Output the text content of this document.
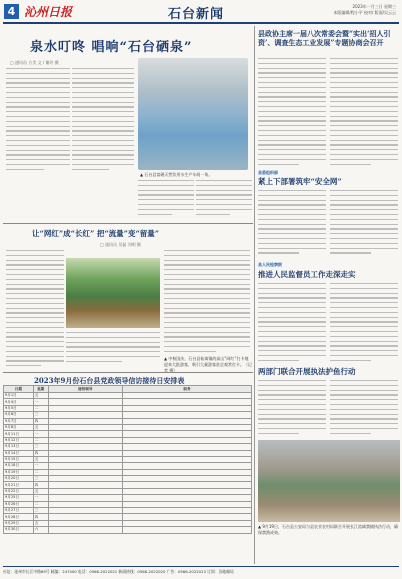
4 沁州日报	石台新闻
2023年一月三日 星期三
本版编辑/程小平 校对/ 版面/吴云云
泉水叮咚 唱响“石台硒泉”
□ 通讯员 方美 文 / 谢玲 摄
▲ 石台县富硒天然饮用水生产车间一角。
让“网红”成“长红” 把“流量”变“留量”
□ 通讯员 吴磊 刘明 摄
▲ 中秋国庆，石台县仙寓镇的高山“网红”打卡地迎来大批游客，吸引大量游客驻足观赏打卡。（记者 摄）
2023年9月份石台县党政领导信访接待日安排表
日期	星期	接待领导	职务
9月1日	五		
9月4日	一		
9月5日	二		
9月6日	三		
9月7日	四		
9月8日	五		
9月11日	一		
9月12日	二		
9月13日	三		
9月14日	四		
9月15日	五		
9月18日	一		
9月19日	二		
9月20日	三		
9月21日	四		
9月22日	五		
9月25日	一		
9月26日	二		
9月27日	三		
9月28日	四		
9月29日	五		
9月30日	六		
县政协主席一届八次常委会暨“实出‘招人引资’、调查生态工业发展”专题协商会召开
县委组织部
紧上下部署筑牢“安全网”
县人民检察院
推进人民监督员工作走深走实
两部门联合开展执法护鱼行动
▲ 9月19日，石台县公安局与县农业农村局联合开展长江流域禁捕执法行动，确保禁渔成效。
社址：池州市长江中路89号 邮编：247000 电话：0566-2022021 新闻热线：0566-2022020 广告：0566-2022023 订阅：各地邮局
